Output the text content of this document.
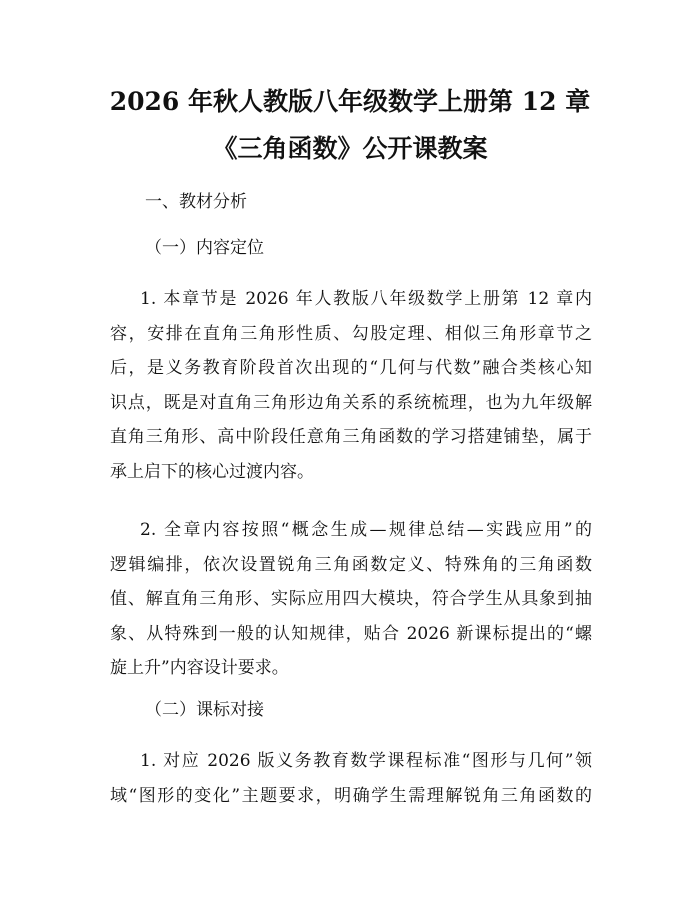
2026 年秋人教版八年级数学上册第 12 章
《三角函数》公开课教案
一、教材分析
（一）内容定位
1. 本章节是 2026 年人教版八年级数学上册第 12 章内
容，安排在直角三角形性质、勾股定理、相似三角形章节之
后，是义务教育阶段首次出现的“几何与代数”融合类核心知
识点，既是对直角三角形边角关系的系统梳理，也为九年级解
直角三角形、高中阶段任意角三角函数的学习搭建铺垫，属于
承上启下的核心过渡内容。
2. 全章内容按照“概念生成—规律总结—实践应用”的
逻辑编排，依次设置锐角三角函数定义、特殊角的三角函数
值、解直角三角形、实际应用四大模块，符合学生从具象到抽
象、从特殊到一般的认知规律，贴合 2026 新课标提出的“螺
旋上升”内容设计要求。
（二）课标对接
1. 对应 2026 版义务教育数学课程标准“图形与几何”领
域“图形的变化”主题要求，明确学生需理解锐角三角函数的
